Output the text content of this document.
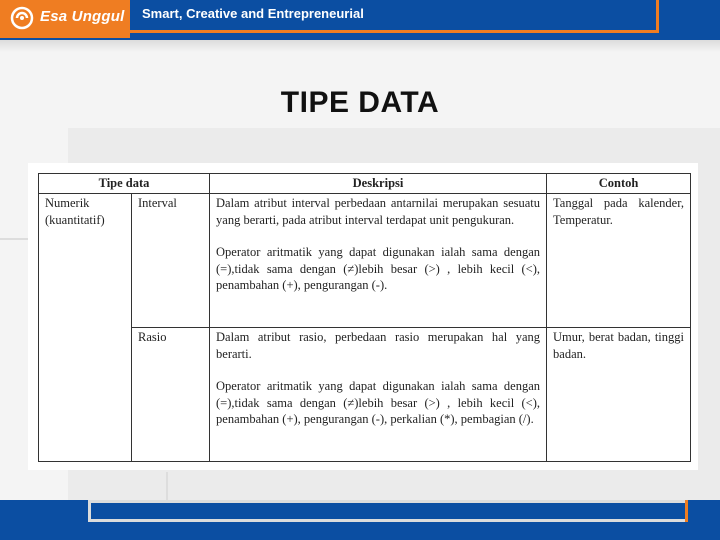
Esa Unggul Smart, Creative and Entrepreneurial
TIPE DATA
Tipe data		Deskripsi	Contoh
Numerik (kuantitatif)	Interval	Dalam atribut interval perbedaan antarnilai merupakan sesuatu yang berarti, pada atribut interval terdapat unit pengukuran.

Operator aritmatik yang dapat digunakan ialah sama dengan (=),tidak sama dengan (≠)lebih besar (>) , lebih kecil (<), penambahan (+), pengurangan (-).	Tanggal pada kalender, Temperatur.
	Rasio	Dalam atribut rasio, perbedaan rasio merupakan hal yang berarti.

Operator aritmatik yang dapat digunakan ialah sama dengan (=),tidak sama dengan (≠)lebih besar (>) , lebih kecil (<), penambahan (+), pengurangan (-), perkalian (*), pembagian (/).	Umur, berat badan, tinggi badan.
